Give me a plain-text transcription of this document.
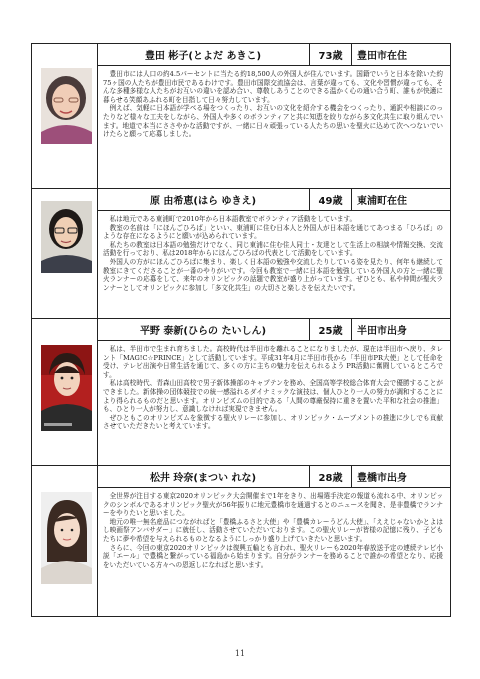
豊田 彬子(とよだ あきこ)	73歳	豊田市在住

豊田市には人口の約4.5パーセントに当たる約18,500人の外国人が住んでいます。国籍でいうと日本を除いた約75ヶ国の人たちが豊田市民であるわけです。豊田市国際交流協会は、言葉が違っても、文化や習慣が違っても、そんな多種多様な人たちがお互いの違いを認め合い、尊敬しあうことのできる温かく心の通い合う町、誰もが快適に暮らせる笑顔あふれる町を目指して日々努力しています。

例えば、気軽に日本語が学べる場をつくったり、お互いの文化を紹介する機会をつくったり、通訳や相談にのったりなど様々な工夫をしながら、外国人や多くのボランティアと共に知恵を絞りながら多文化共生に取り組んでいます。地道で本当にささやかな活動ですが、一緒に日々頑張っている人たちの思いを聖火に込めて次へつないでいけたらと願って応募しました。

原 由希恵(はら ゆきえ)	49歳	東浦町在住

私は地元である東浦町で2010年から日本語教室でボランティア活動をしています。

教室の名前は「にほんごひろば」といい、東浦町に住む日本人と外国人が日本語を通じてあつまる「ひろば」のような存在になるようにと願いが込められています。

私たちの教室は日本語の勉強だけでなく、同じ東浦に住む住人同士・友達として生活上の相談や情報交換、交流活動を行っており、私は2018年からにほんごひろばの代表として活動をしています。

外国人の方がにほんごひろばに集まり、楽しく日本語の勉強や交流したりしている姿を見たり、何年も継続して教室にきてくださることが一番のやりがいです。今回も教室で一緒に日本語を勉強している外国人の方と一緒に聖火ランナーの応募をして、来年のオリンピックの話題で教室が盛り上がっています。ぜひとも、私や仲間が聖火ランナーとしてオリンピックに参加し「多文化共生」の大切さと楽しさを伝えたいです。

平野 泰新(ひらの たいしん)	25歳	半田市出身

私は、半田市で生まれ育ちました。高校時代は半田市を離れることになりましたが、現在は半田市へ戻り、タレント「MAG!C☆PRINCE」として活動しています。平成31年4月に半田市長から「半田市PR大使」として任命を受け、テレビ出演や日常生活を通じて、多くの方に主ちの魅力を伝えられるよう PR活動に奮闘しているところです。

私は高校時代、青森山田高校で男子新体操部のキャプテンを務め、全国高等学校総合体育大会で優勝することができました。新体操の団体競技での統一感溢れるダイナミックな演技は、個人ひとり一人の努力が調和することにより得られるものだと思います。オリンピズムの目的である「人間の尊厳保持に重きを置いた平和な社会の推進」も、ひとり一人が努力し、意識しなければ実現できません。

ぜひともこのオリンピズムを象徴する聖火リレーに参加し、オリンピック・ムーブメントの推進に少しでも貢献させていただきたいと考えています。

松井 玲奈(まつい れな)	28歳	豊橋市出身

全世界が注目する東京2020オリンピック大会開催まで1年をきり、出場選手決定の報道も流れる中、オリンピックのシンボルであるオリンピック聖火が56年振りに地元豊橋市を通過するとのニュースを聞き、是非豊橋でランナーをやりたいと思いました。

地元の唯一無名産品につながればと「豊橋ふるさと大使」や「豊橋カレーうどん大使」、「ええじゃないかとよはし映画祭アンバサダー」に就任し、活動させていただいております。この聖火リレーが皆様の記憶に残り、子どもたちに夢や希望を与えられるものとなるようにしっかり盛り上げていきたいと思います。

さらに、今回の東京2020オリンピックは復興五輪とも言われ、聖火リレーも2020年春放送予定の連続テレビ小説「エール」で豊橋と繋がっている福島から始まります。自分がランナーを務めることで誰かの希望となり、応援をいただいている方々への恩返しになればと思います。

11
